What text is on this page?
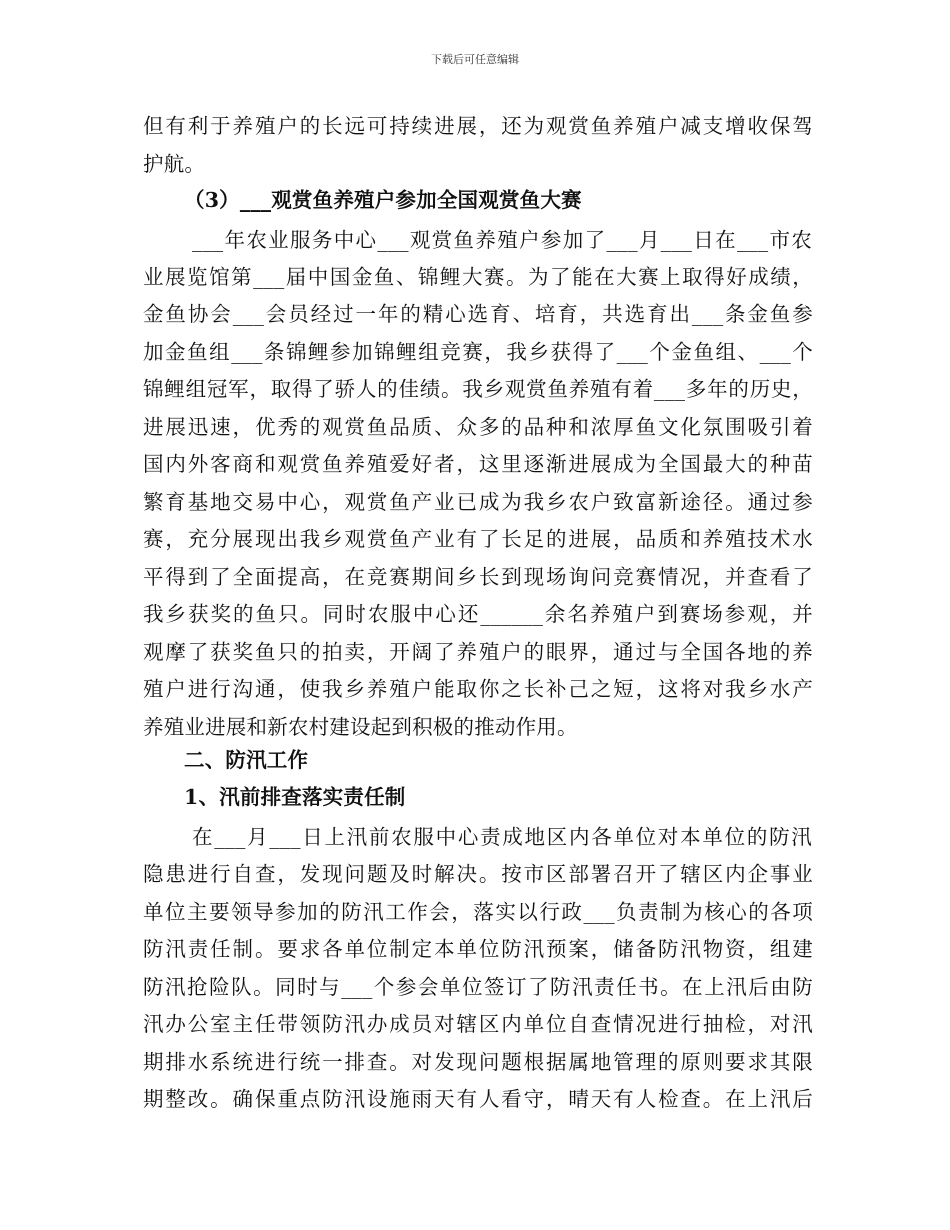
下载后可任意编辑
但有利于养殖户的长远可持续进展，还为观赏鱼养殖户减支增收保驾
护航。
（3）___观赏鱼养殖户参加全国观赏鱼大赛
___年农业服务中心___观赏鱼养殖户参加了___月___日在___市农
业展览馆第___届中国金鱼、锦鲤大赛。为了能在大赛上取得好成绩，
金鱼协会___会员经过一年的精心选育、培育，共选育出___条金鱼参
加金鱼组___条锦鲤参加锦鲤组竞赛，我乡获得了___个金鱼组、___个
锦鲤组冠军，取得了骄人的佳绩。我乡观赏鱼养殖有着___多年的历史，
进展迅速，优秀的观赏鱼品质、众多的品种和浓厚鱼文化氛围吸引着
国内外客商和观赏鱼养殖爱好者，这里逐渐进展成为全国最大的种苗
繁育基地交易中心，观赏鱼产业已成为我乡农户致富新途径。通过参
赛，充分展现出我乡观赏鱼产业有了长足的进展，品质和养殖技术水
平得到了全面提高，在竞赛期间乡长到现场询问竞赛情况，并查看了
我乡获奖的鱼只。同时农服中心还______余名养殖户到赛场参观，并
观摩了获奖鱼只的拍卖，开阔了养殖户的眼界，通过与全国各地的养
殖户进行沟通，使我乡养殖户能取你之长补己之短，这将对我乡水产
养殖业进展和新农村建设起到积极的推动作用。
二、防汛工作
1、汛前排查落实责任制
在___月___日上汛前农服中心责成地区内各单位对本单位的防汛
隐患进行自查，发现问题及时解决。按市区部署召开了辖区内企事业
单位主要领导参加的防汛工作会，落实以行政___负责制为核心的各项
防汛责任制。要求各单位制定本单位防汛预案，储备防汛物资，组建
防汛抢险队。同时与___个参会单位签订了防汛责任书。在上汛后由防
汛办公室主任带领防汛办成员对辖区内单位自查情况进行抽检，对汛
期排水系统进行统一排查。对发现问题根据属地管理的原则要求其限
期整改。确保重点防汛设施雨天有人看守，晴天有人检查。在上汛后
